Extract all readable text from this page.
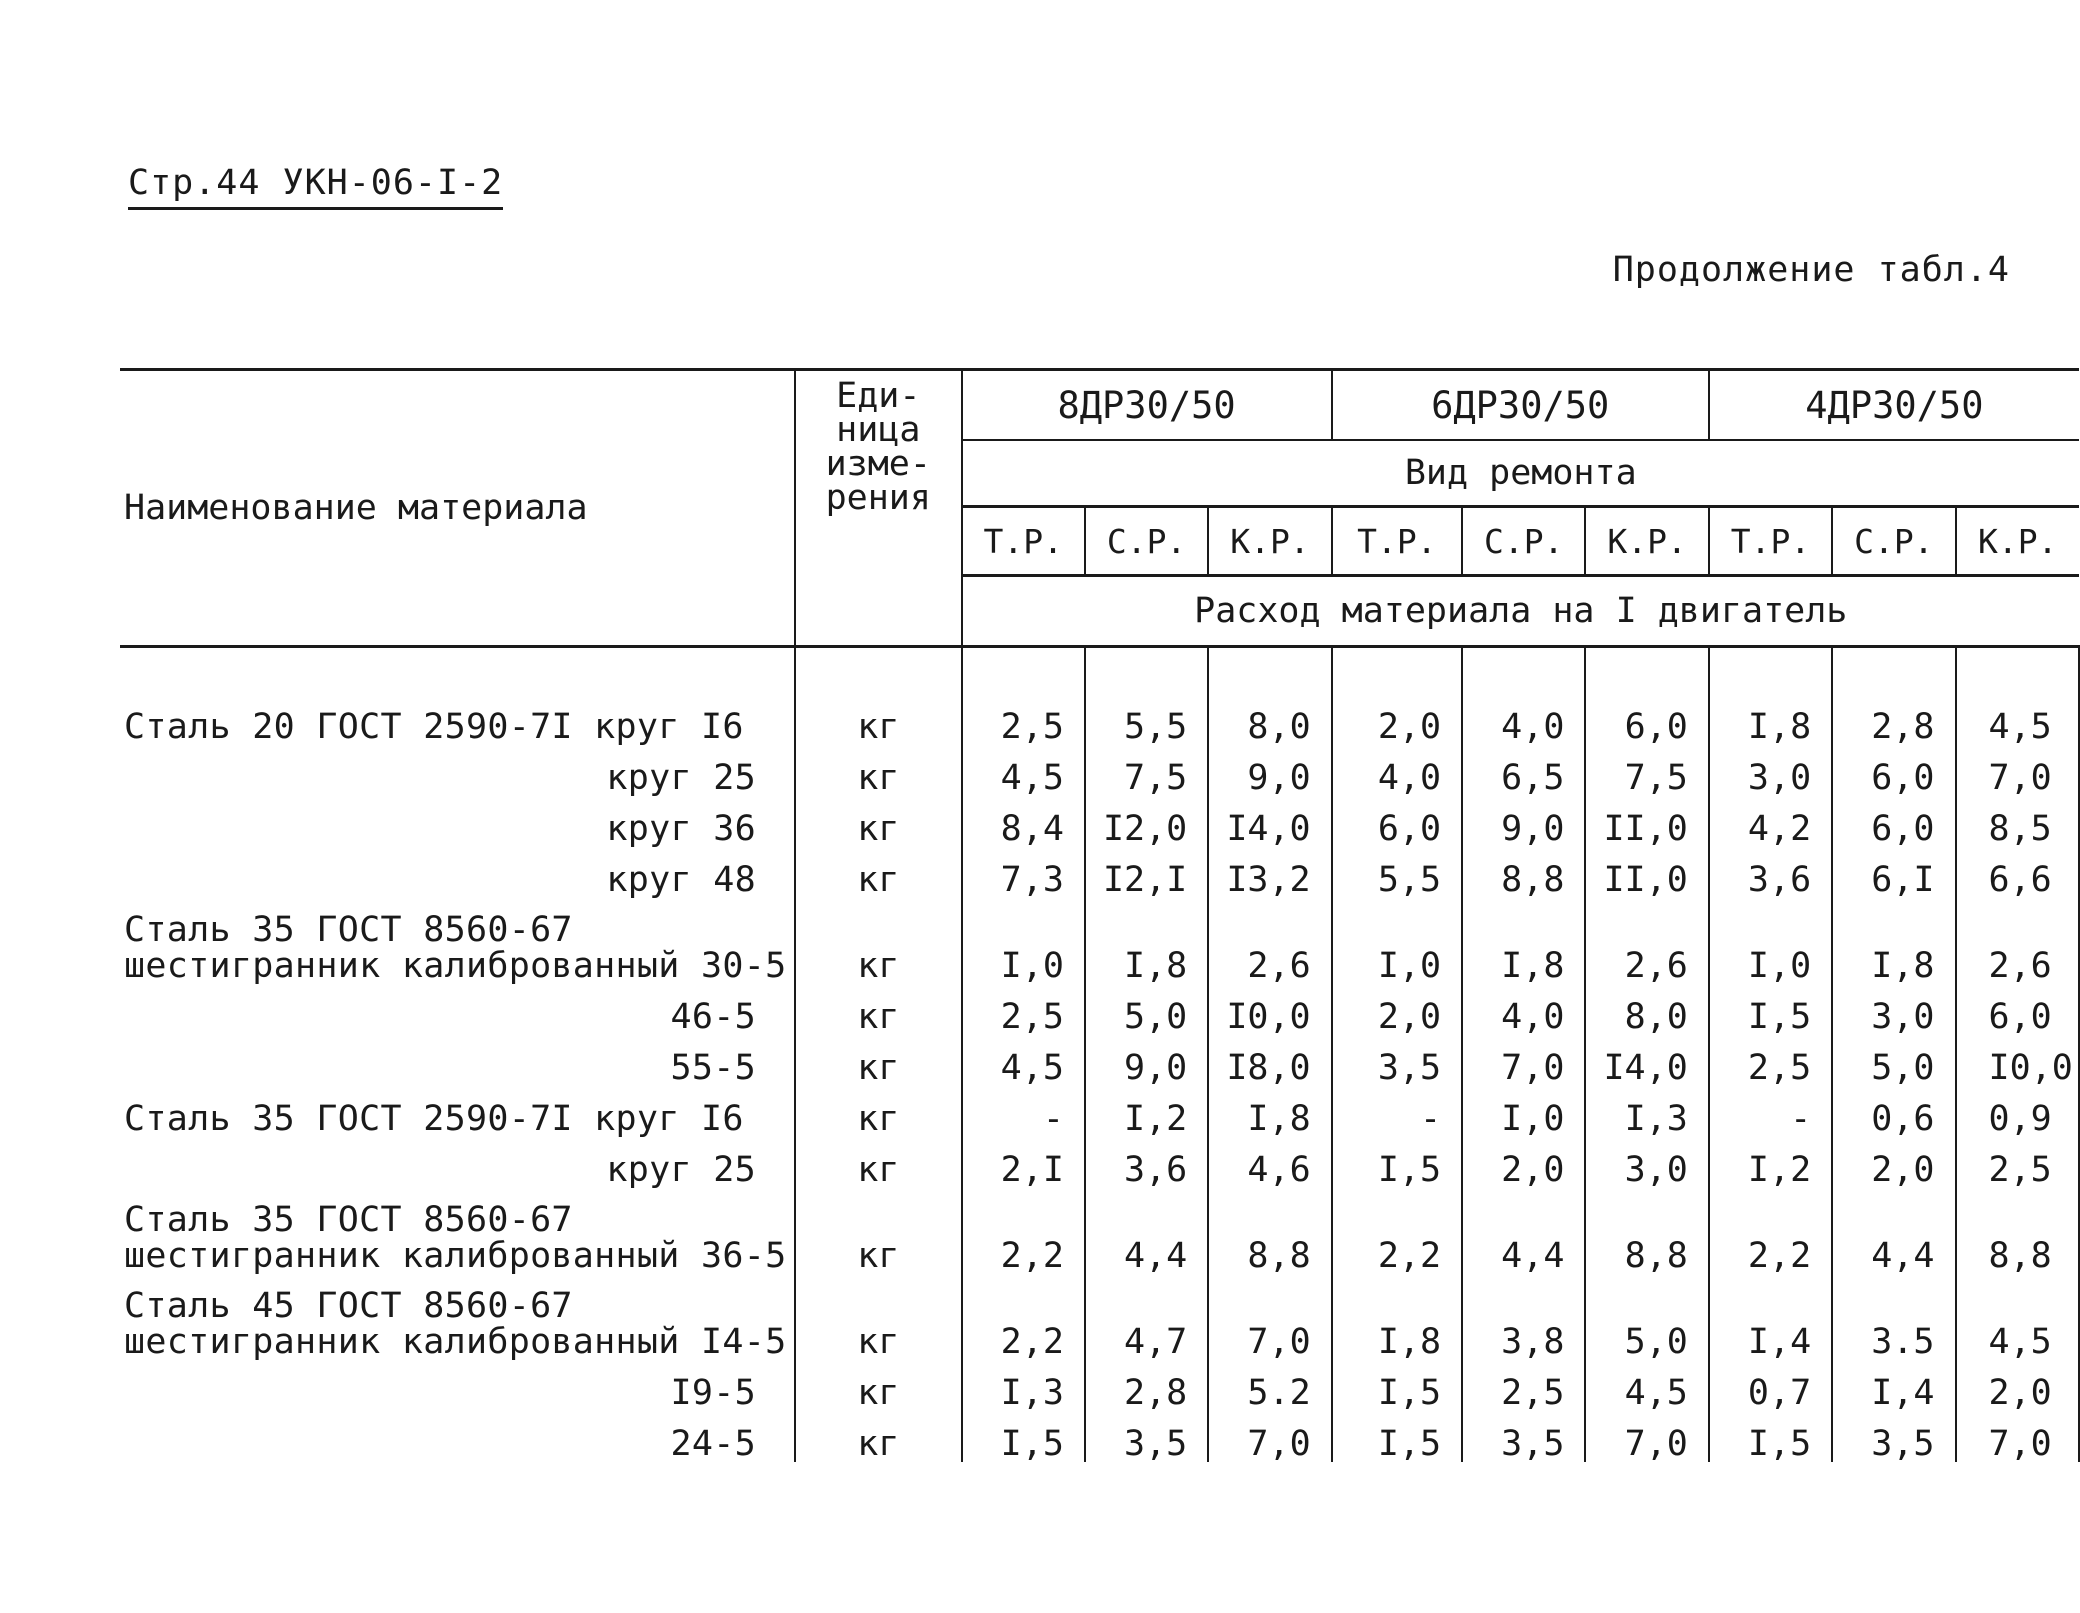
Стр.44 УКН-06-I-2
Продолжение табл.4
Наименование материала	Еди-
ница
изме-
рения	8ДР30/50			6ДР30/50			4ДР30/50		
		Вид ремонта								
		Т.Р.	С.Р.	К.Р.	Т.Р.	С.Р.	К.Р.	Т.Р.	С.Р.	К.Р.
		Расход материала на I двигатель								

Сталь 20 ГОСТ 2590-7I круг I6	кг	2,5	5,5	8,0	2,0	4,0	6,0	I,8	2,8	4,5

круг 25	кг	4,5	7,5	9,0	4,0	6,5	7,5	3,0	6,0	7,0

круг 36	кг	8,4	I2,0	I4,0	6,0	9,0	II,0	4,2	6,0	8,5

круг 48	кг	7,3	I2,I	I3,2	5,5	8,8	II,0	3,6	6,I	6,6

Сталь 35 ГОСТ 8560-67
шестигранник калиброванный 30-5	кг	I,0	I,8	2,6	I,0	I,8	2,6	I,0	I,8	2,6

46-5	кг	2,5	5,0	I0,0	2,0	4,0	8,0	I,5	3,0	6,0

55-5	кг	4,5	9,0	I8,0	3,5	7,0	I4,0	2,5	5,0	I0,0

Сталь 35 ГОСТ 2590-7I круг I6	кг	-	I,2	I,8	-	I,0	I,3	-	0,6	0,9

круг 25	кг	2,I	3,6	4,6	I,5	2,0	3,0	I,2	2,0	2,5

Сталь 35 ГОСТ 8560-67
шестигранник калиброванный 36-5	кг	2,2	4,4	8,8	2,2	4,4	8,8	2,2	4,4	8,8

Сталь 45 ГОСТ 8560-67
шестигранник калиброванный I4-5	кг	2,2	4,7	7,0	I,8	3,8	5,0	I,4	3.5	4,5

I9-5	кг	I,3	2,8	5.2	I,5	2,5	4,5	0,7	I,4	2,0

24-5	кг	I,5	3,5	7,0	I,5	3,5	7,0	I,5	3,5	7,0
